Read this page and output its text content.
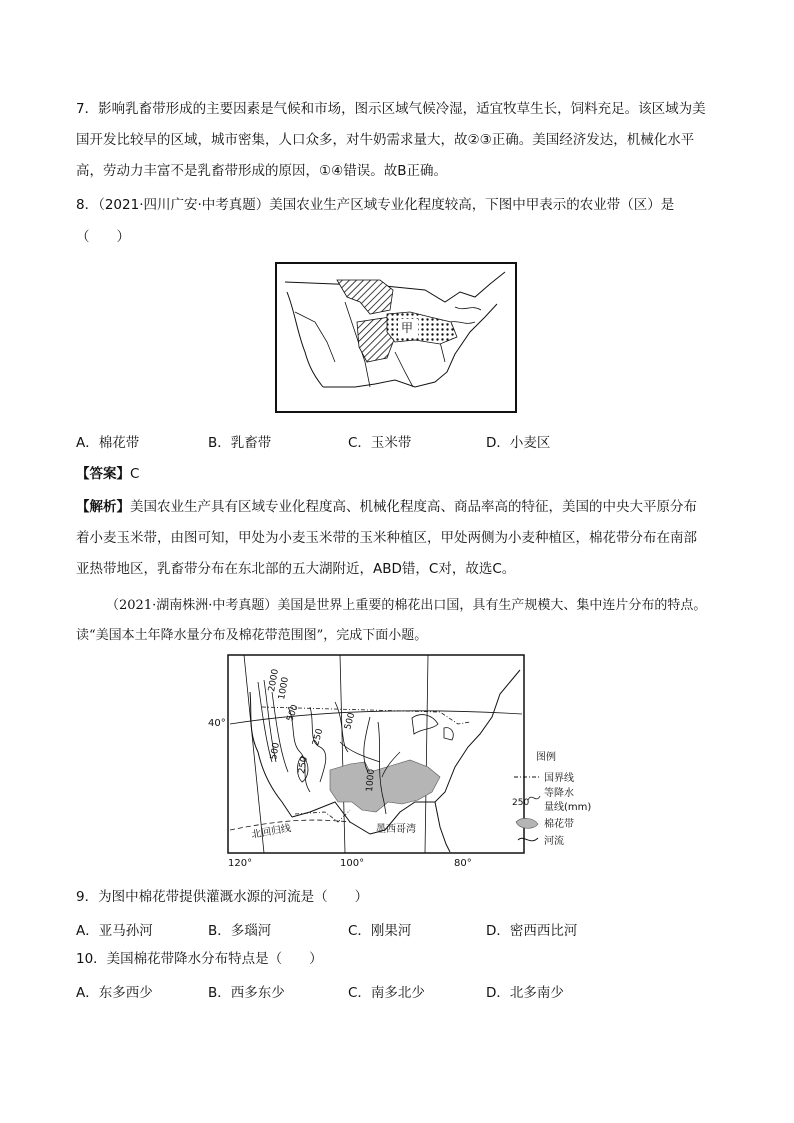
7．影响乳畜带形成的主要因素是气候和市场，图示区域气候冷湿，适宜牧草生长，饲料充足。该区域为美
国开发比较早的区域，城市密集，人口众多，对牛奶需求量大，故②③正确。美国经济发达，机械化水平
高，劳动力丰富不是乳畜带形成的原因，①④错误。故B正确。
8．（2021·四川广安·中考真题）美国农业生产区域专业化程度较高，下图中甲表示的农业带（区）是
（　　）
甲
A．棉花带	B．乳畜带	C．玉米带	D．小麦区
【答案】C
【解析】美国农业生产具有区域专业化程度高、机械化程度高、商品率高的特征，美国的中央大平原分布
着小麦玉米带，由图可知，甲处为小麦玉米带的玉米种植区，甲处两侧为小麦种植区，棉花带分布在南部
亚热带地区，乳畜带分布在东北部的五大湖附近，ABD错，C对，故选C。
（2021·湖南株洲·中考真题）美国是世界上重要的棉花出口国，具有生产规模大、集中连片分布的特点。
读“美国本土年降水量分布及棉花带范围图”，完成下面小题。
40°
120°	100°	80°
北回归线	墨西哥湾
2000
1000
500
250
500
250
500
1000
图例
国界线
250
等降水
量线(mm)
棉花带
河流
9．为图中棉花带提供灌溉水源的河流是（　　）
A．亚马孙河	B．多瑙河	C．刚果河	D．密西西比河
10．美国棉花带降水分布特点是（　　）
A．东多西少	B．西多东少	C．南多北少	D．北多南少
